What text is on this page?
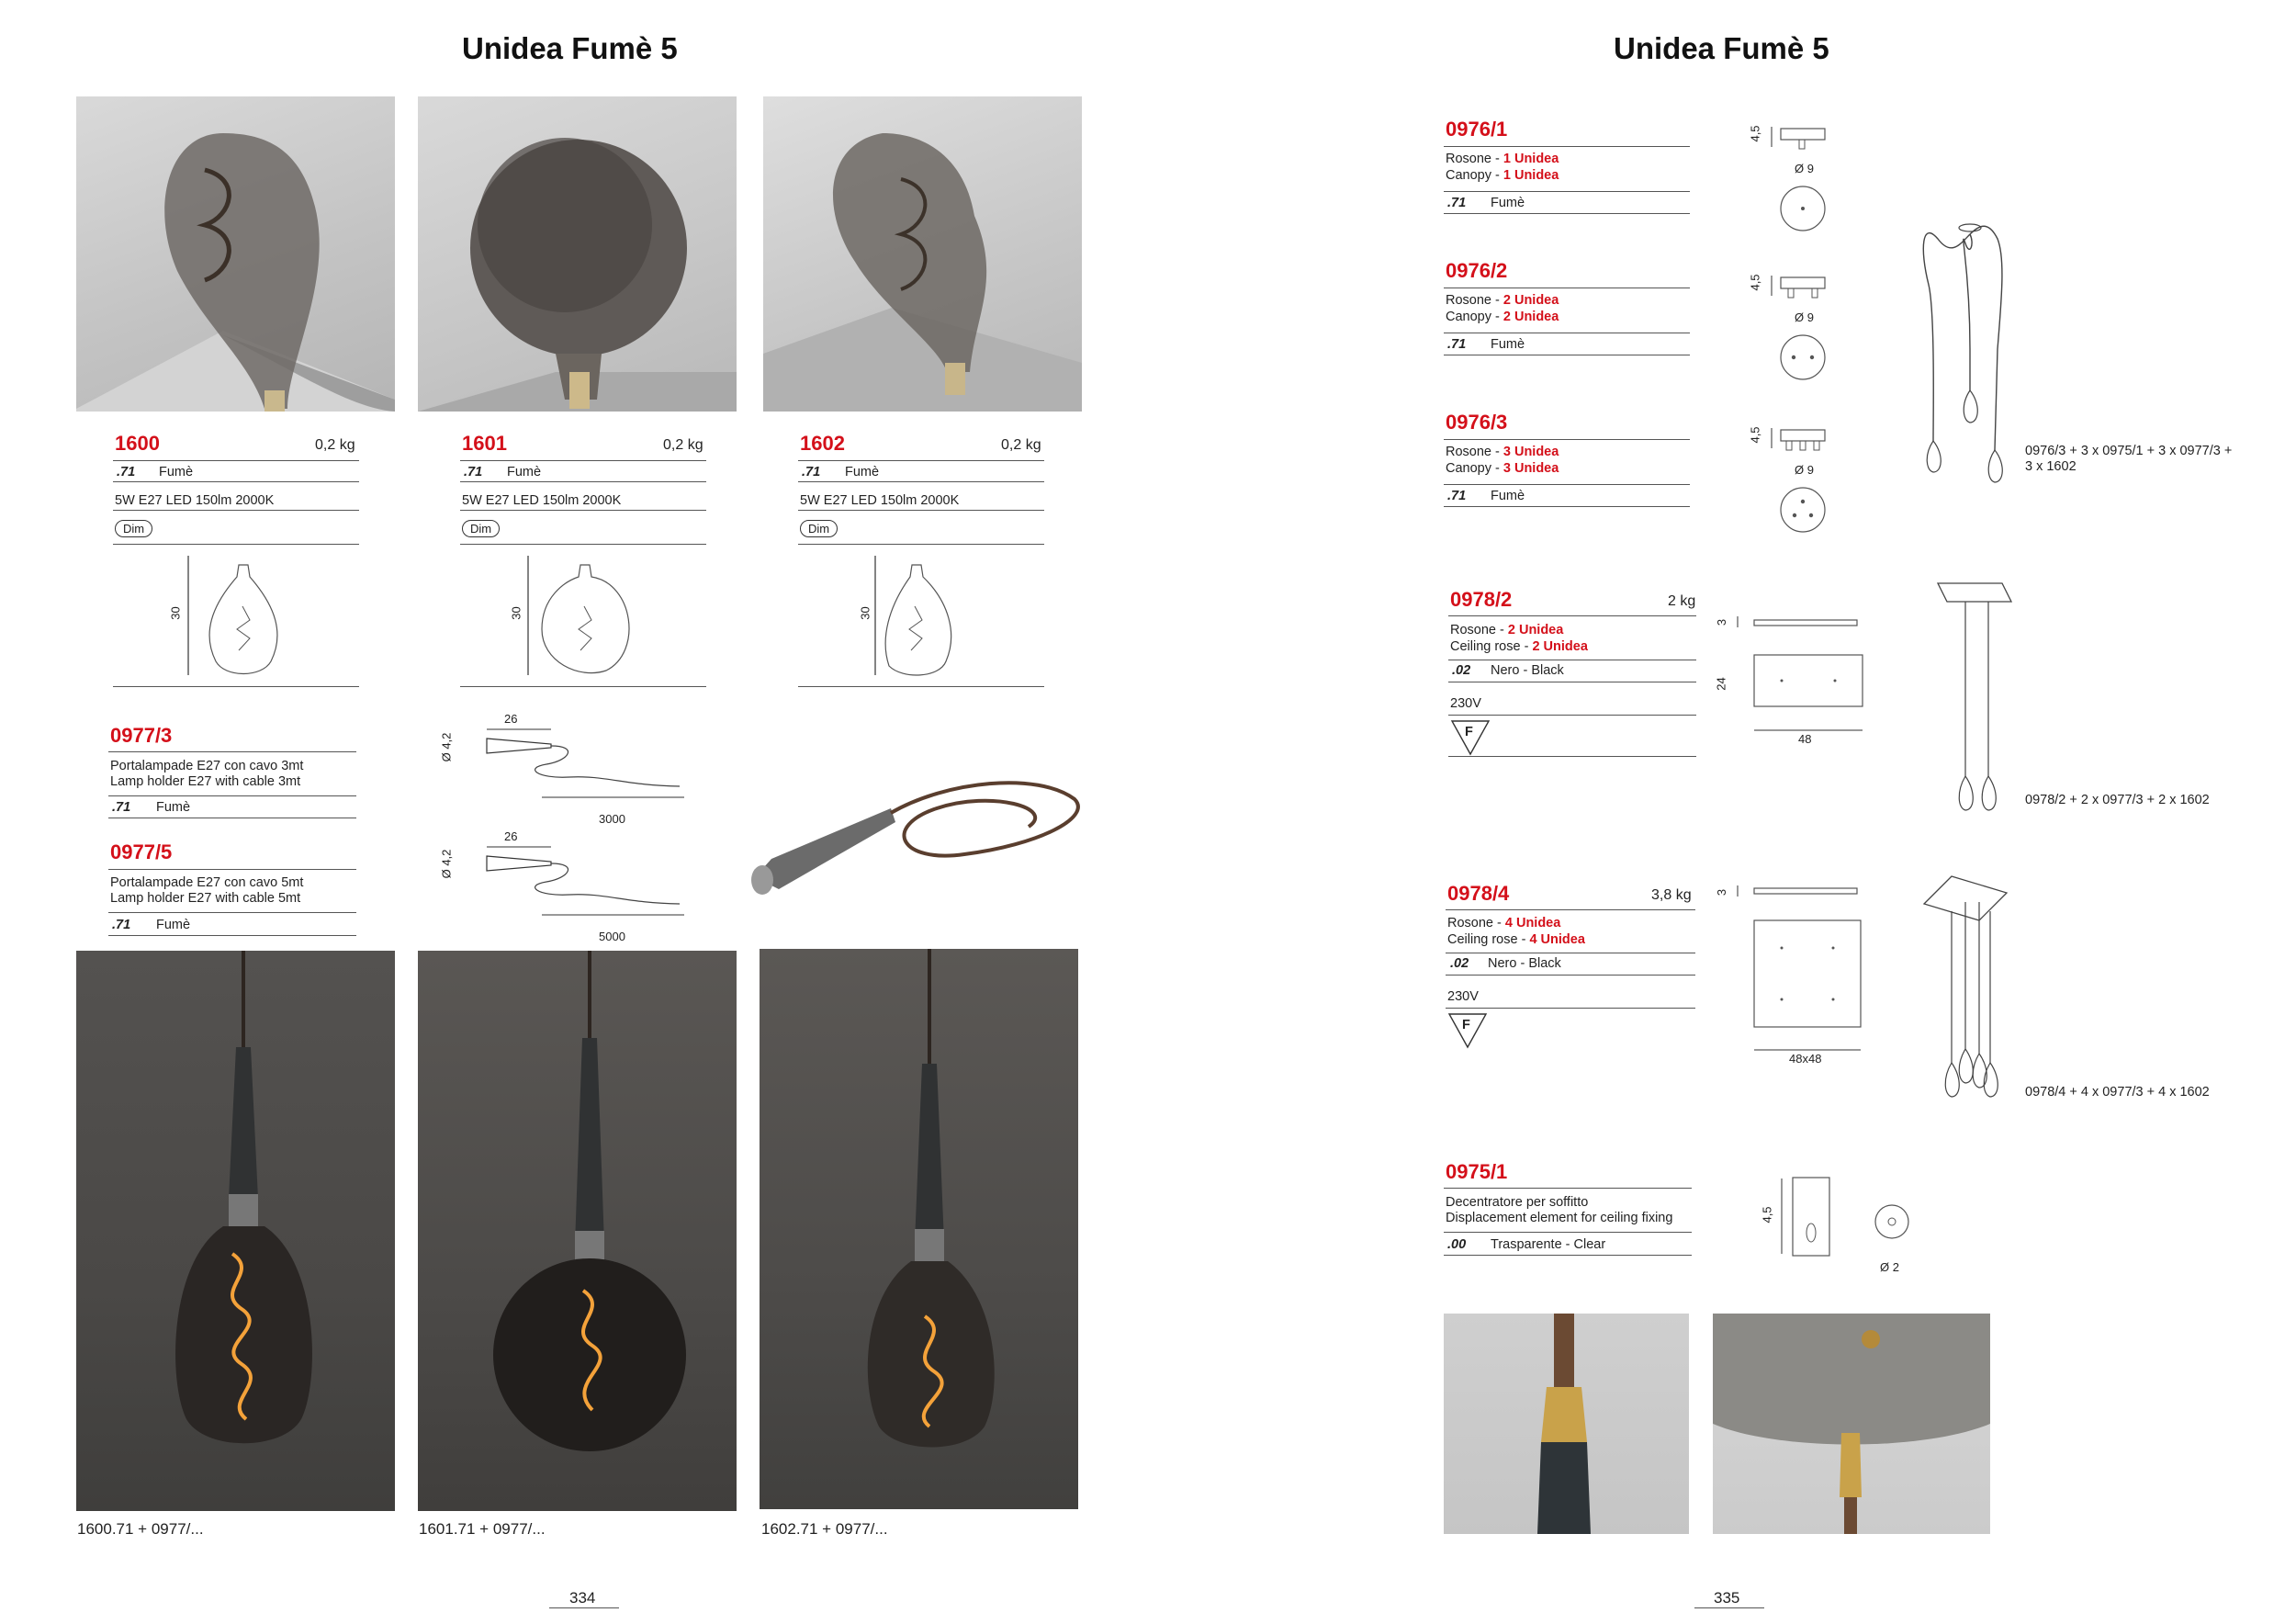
Unidea Fumè 5
1600	0,2 kg
.71 Fumè
5W E27 LED 150lm 2000K
Dim
30
1601	0,2 kg
.71 Fumè
5W E27 LED 150lm 2000K
Dim
30
1602	0,2 kg
.71 Fumè
5W E27 LED 150lm 2000K
Dim
30
0977/3
Portalampade E27 con cavo 3mt
Lamp holder E27 with cable 3mt
.71 Fumè
0977/5
Portalampade E27 con cavo 5mt
Lamp holder E27 with cable 5mt
.71 Fumè
Ø 4,2
26
3000
Ø 4,2
26
5000
1600.71 + 0977/...	1601.71 + 0977/...	1602.71 + 0977/...
334
Unidea Fumè 5
0976/1
Rosone - 1 Unidea
Canopy - 1 Unidea
.71 Fumè
0976/2
Rosone - 2 Unidea
Canopy - 2 Unidea
.71 Fumè
0976/3
Rosone - 3 Unidea
Canopy - 3 Unidea
.71 Fumè
4,5
Ø 9
4,5
Ø 9
4,5
Ø 9
0976/3 + 3 x 0975/1 + 3 x 0977/3 +
3 x 1602
0978/2	2 kg
Rosone - 2 Unidea
Ceiling rose - 2 Unidea
.02 Nero - Black
230V
F
3
24
48
0978/2 + 2 x 0977/3 + 2 x 1602
0978/4	3,8 kg
Rosone - 4 Unidea
Ceiling rose - 4 Unidea
.02 Nero - Black
230V
F
3
48x48
0978/4 + 4 x 0977/3 + 4 x 1602
0975/1
Decentratore per soffitto
Displacement element for ceiling fixing
.00 Trasparente - Clear
4,5
Ø 2
335
